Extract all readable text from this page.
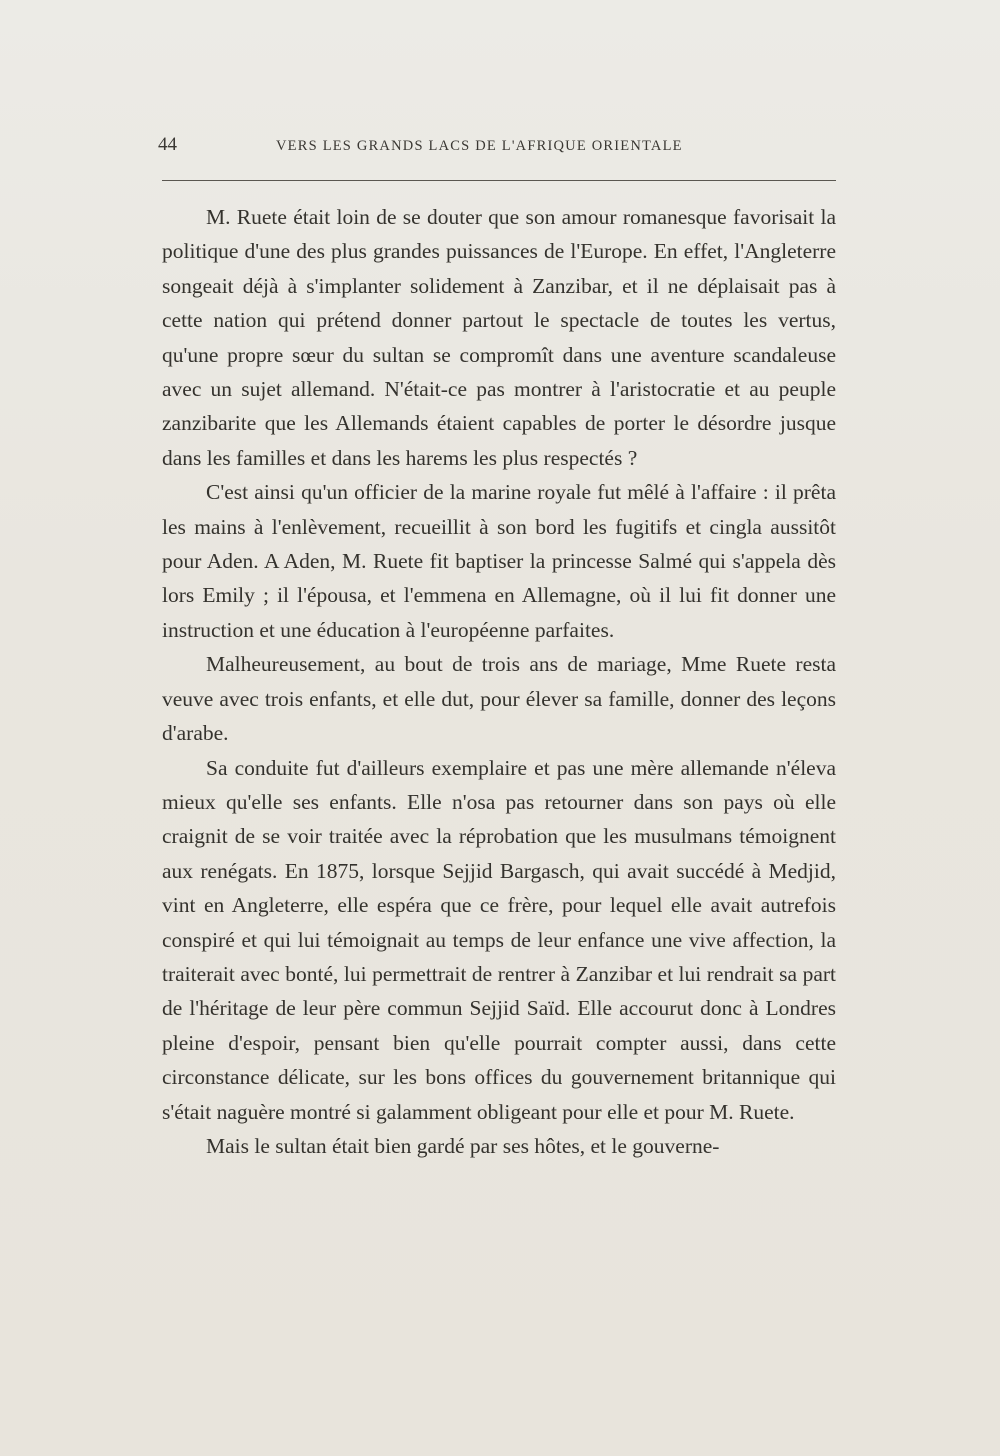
44	VERS LES GRANDS LACS DE L'AFRIQUE ORIENTALE

M. Ruete était loin de se douter que son amour romanesque favorisait la politique d'une des plus grandes puissances de l'Europe. En effet, l'Angleterre songeait déjà à s'implanter solidement à Zanzibar, et il ne déplaisait pas à cette nation qui prétend donner partout le spectacle de toutes les vertus, qu'une propre sœur du sultan se compromît dans une aventure scandaleuse avec un sujet allemand. N'était-ce pas montrer à l'aristocratie et au peuple zanzibarite que les Allemands étaient capables de porter le désordre jusque dans les familles et dans les harems les plus respectés ?

C'est ainsi qu'un officier de la marine royale fut mêlé à l'affaire : il prêta les mains à l'enlèvement, recueillit à son bord les fugitifs et cingla aussitôt pour Aden. A Aden, M. Ruete fit baptiser la princesse Salmé qui s'appela dès lors Emily ; il l'épousa, et l'emmena en Allemagne, où il lui fit donner une instruction et une éducation à l'européenne parfaites.

Malheureusement, au bout de trois ans de mariage, Mme Ruete resta veuve avec trois enfants, et elle dut, pour élever sa famille, donner des leçons d'arabe.

Sa conduite fut d'ailleurs exemplaire et pas une mère allemande n'éleva mieux qu'elle ses enfants. Elle n'osa pas retourner dans son pays où elle craignit de se voir traitée avec la réprobation que les musulmans témoignent aux renégats. En 1875, lorsque Sejjid Bargasch, qui avait succédé à Medjid, vint en Angleterre, elle espéra que ce frère, pour lequel elle avait autrefois conspiré et qui lui témoignait au temps de leur enfance une vive affection, la traiterait avec bonté, lui permettrait de rentrer à Zanzibar et lui rendrait sa part de l'héritage de leur père commun Sejjid Saïd. Elle accourut donc à Londres pleine d'espoir, pensant bien qu'elle pourrait compter aussi, dans cette circonstance délicate, sur les bons offices du gouvernement britannique qui s'était naguère montré si galamment obligeant pour elle et pour M. Ruete.

Mais le sultan était bien gardé par ses hôtes, et le gouverne-
